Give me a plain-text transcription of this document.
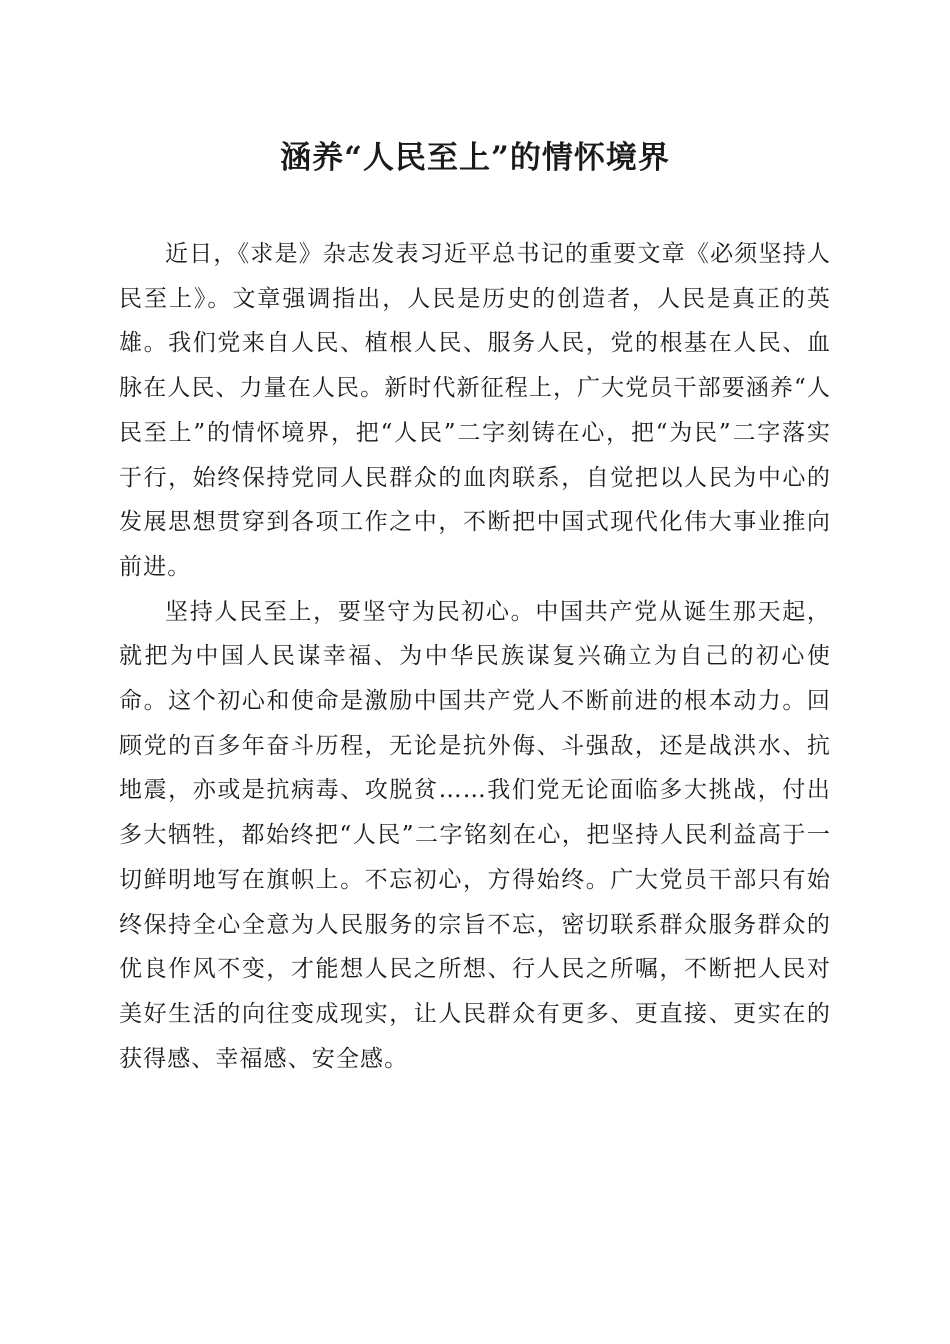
涵养“人民至上”的情怀境界

近日，《求是》杂志发表习近平总书记的重要文章《必须坚持人民至上》。文章强调指出，人民是历史的创造者，人民是真正的英雄。我们党来自人民、植根人民、服务人民，党的根基在人民、血脉在人民、力量在人民。新时代新征程上，广大党员干部要涵养“人民至上”的情怀境界，把“人民”二字刻铸在心，把“为民”二字落实于行，始终保持党同人民群众的血肉联系，自觉把以人民为中心的发展思想贯穿到各项工作之中，不断把中国式现代化伟大事业推向前进。

坚持人民至上，要坚守为民初心。中国共产党从诞生那天起，就把为中国人民谋幸福、为中华民族谋复兴确立为自己的初心使命。这个初心和使命是激励中国共产党人不断前进的根本动力。回顾党的百多年奋斗历程，无论是抗外侮、斗强敌，还是战洪水、抗地震，亦或是抗病毒、攻脱贫……我们党无论面临多大挑战，付出多大牺牲，都始终把“人民”二字铭刻在心，把坚持人民利益高于一切鲜明地写在旗帜上。不忘初心，方得始终。广大党员干部只有始终保持全心全意为人民服务的宗旨不忘，密切联系群众服务群众的优良作风不变，才能想人民之所想、行人民之所嘱，不断把人民对美好生活的向往变成现实，让人民群众有更多、更直接、更实在的获得感、幸福感、安全感。
